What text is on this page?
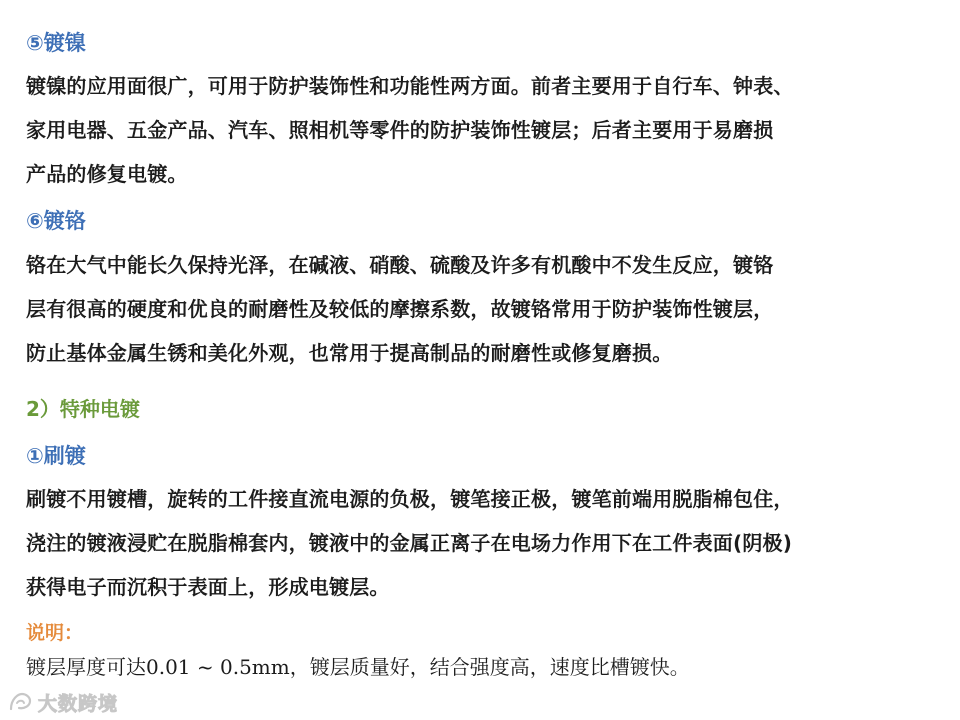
⑤镀镍
镀镍的应用面很广，可用于防护装饰性和功能性两方面。前者主要用于自行车、钟表、
家用电器、五金产品、汽车、照相机等零件的防护装饰性镀层；后者主要用于易磨损
产品的修复电镀。
⑥镀铬
铬在大气中能长久保持光泽，在碱液、硝酸、硫酸及许多有机酸中不发生反应，镀铬
层有很高的硬度和优良的耐磨性及较低的摩擦系数，故镀铬常用于防护装饰性镀层，
防止基体金属生锈和美化外观，也常用于提高制品的耐磨性或修复磨损。
2）特种电镀
①刷镀
刷镀不用镀槽，旋转的工件接直流电源的负极，镀笔接正极，镀笔前端用脱脂棉包住，
浇注的镀液浸贮在脱脂棉套内，镀液中的金属正离子在电场力作用下在工件表面(阴极)
获得电子而沉积于表面上，形成电镀层。
说明：
镀层厚度可达0.01 ~ 0.5mm，镀层质量好，结合强度高，速度比槽镀快。
大数跨境
